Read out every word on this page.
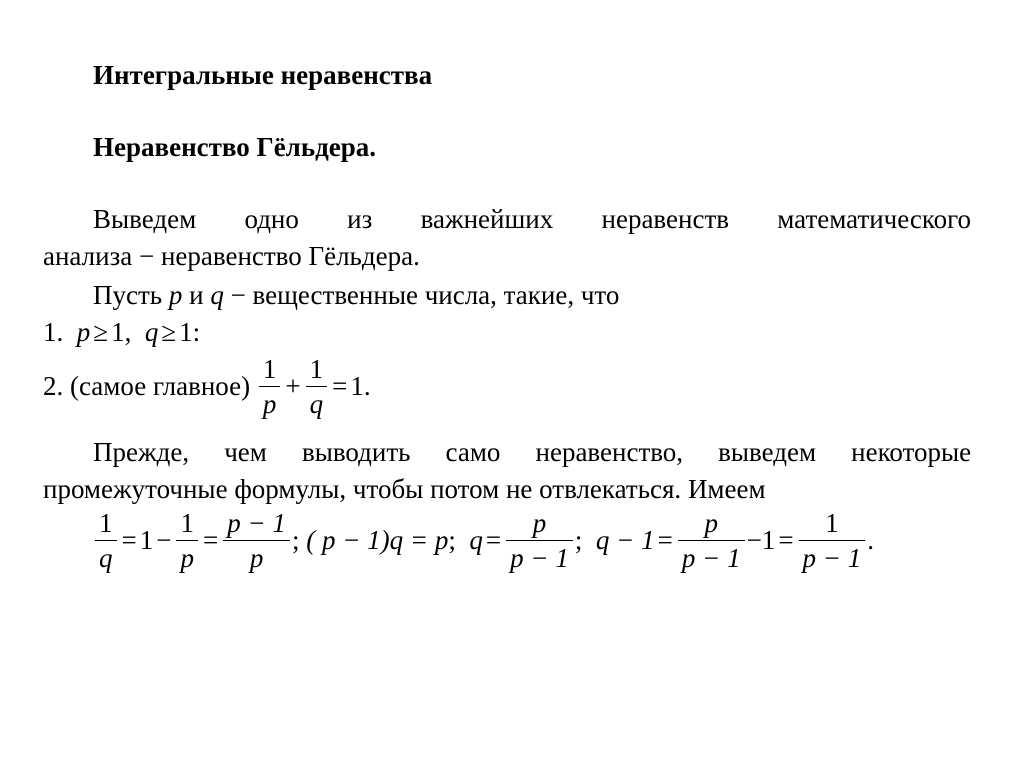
Интегральные неравенства
Неравенство Гёльдера.
Выведем одно из важнейших неравенств математического
анализа − неравенство Гёльдера.
Пусть p и q − вещественные числа, такие, что
1. p ≥ 1, q ≥ 1:
2. (самое главное)
$\frac{1}{p} + \frac{1}{q} = 1$.
Прежде, чем выводить само неравенство, выведем некоторые
промежуточные формулы, чтобы потом не отвлекаться. Имеем
$\frac{1}{q} = 1 - \frac{1}{p} = \frac{p - 1}{p}$ ;
( p − 1)q = p ;
$q = \frac{p}{p - 1}$ ;
$q - 1 = \frac{p}{p - 1} -1 = \frac{1}{p - 1}$ .
